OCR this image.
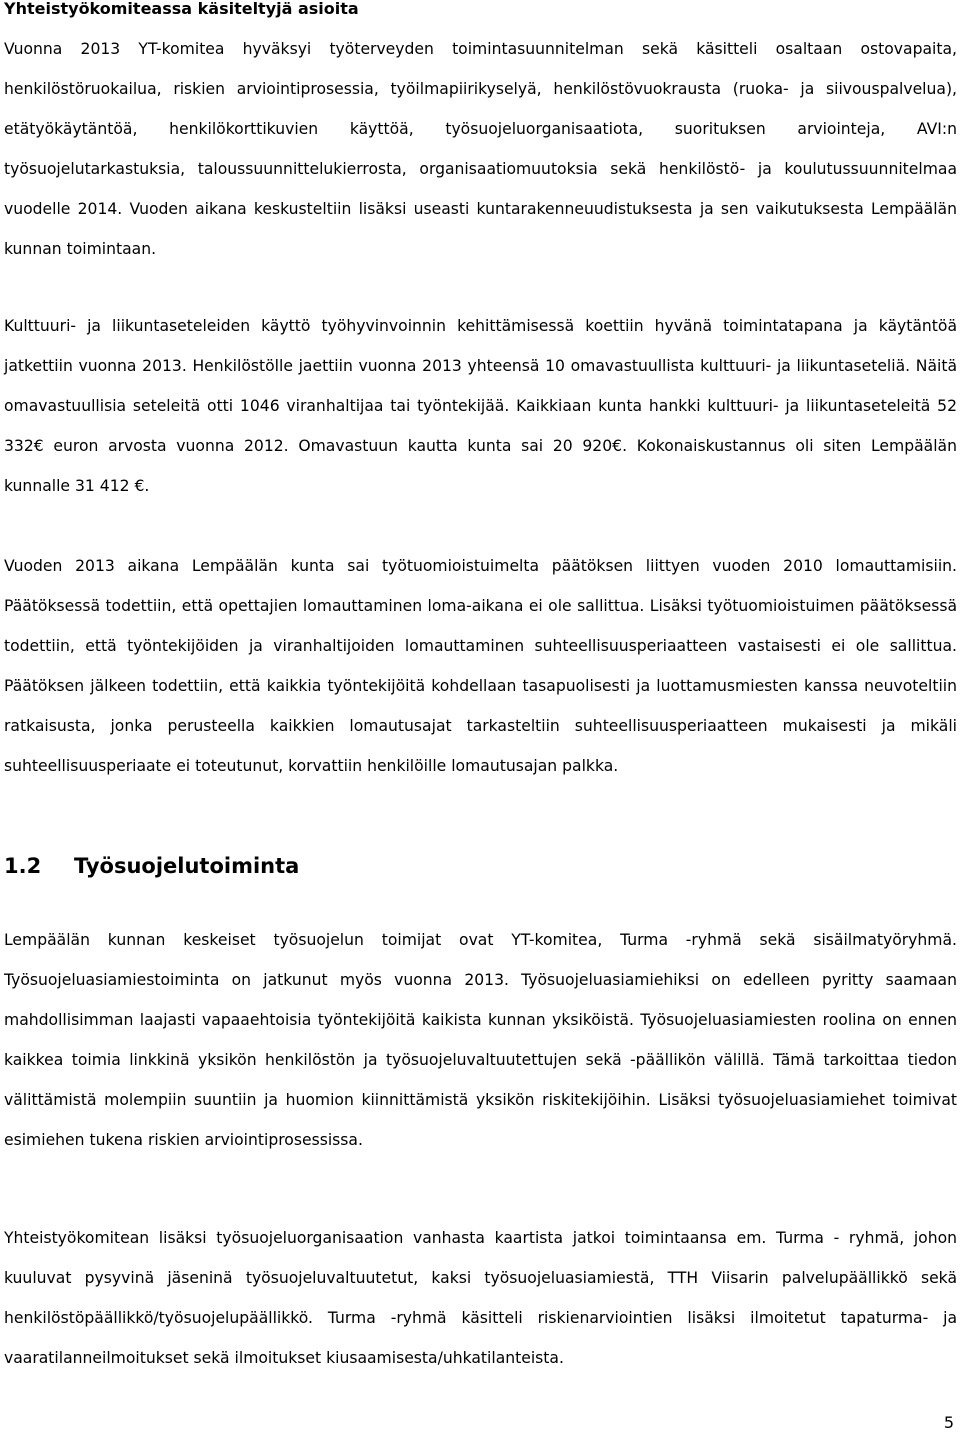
Yhteistyökomiteassa käsiteltyjä asioita

Vuonna 2013 YT-komitea hyväksyi työterveyden toimintasuunnitelman sekä käsitteli osaltaan ostovapaita, henkilöstöruokailua, riskien arviointiprosessia, työilmapiirikyselyä, henkilöstövuokrausta (ruoka- ja siivouspalvelua), etätyökäytäntöä, henkilökorttikuvien käyttöä, työsuojeluorganisaatiota, suorituksen arviointeja, AVI:n työsuojelutarkastuksia, taloussuunnittelukierrosta, organisaatiomuutoksia sekä henkilöstö- ja koulutussuunnitelmaa vuodelle 2014. Vuoden aikana keskusteltiin lisäksi useasti kuntarakenneuudistuksesta ja sen vaikutuksesta Lempäälän kunnan toimintaan.

Kulttuuri- ja liikuntaseteleiden käyttö työhyvinvoinnin kehittämisessä koettiin hyvänä toimintatapana ja käytäntöä jatkettiin vuonna 2013. Henkilöstölle jaettiin vuonna 2013 yhteensä 10 omavastuullista kulttuuri- ja liikuntaseteliä. Näitä omavastuullisia seteleitä otti 1046 viranhaltijaa tai työntekijää. Kaikkiaan kunta hankki kulttuuri- ja liikuntaseteleitä 52 332€ euron arvosta vuonna 2012. Omavastuun kautta kunta sai 20 920€. Kokonaiskustannus oli siten Lempäälän kunnalle 31 412 €.

Vuoden 2013 aikana Lempäälän kunta sai työtuomioistuimelta päätöksen liittyen vuoden 2010 lomauttamisiin. Päätöksessä todettiin, että opettajien lomauttaminen loma-aikana ei ole sallittua. Lisäksi työtuomioistuimen päätöksessä todettiin, että työntekijöiden ja viranhaltijoiden lomauttaminen suhteellisuusperiaatteen vastaisesti ei ole sallittua. Päätöksen jälkeen todettiin, että kaikkia työntekijöitä kohdellaan tasapuolisesti ja luottamusmiesten kanssa neuvoteltiin ratkaisusta, jonka perusteella kaikkien lomautusajat tarkasteltiin suhteellisuusperiaatteen mukaisesti ja mikäli suhteellisuusperiaate ei toteutunut, korvattiin henkilöille lomautusajan palkka.

1.2 Työsuojelutoiminta

Lempäälän kunnan keskeiset työsuojelun toimijat ovat YT-komitea, Turma -ryhmä sekä sisäilmatyöryhmä. Työsuojeluasiamiestoiminta on jatkunut myös vuonna 2013. Työsuojeluasiamiehiksi on edelleen pyritty saamaan mahdollisimman laajasti vapaaehtoisia työntekijöitä kaikista kunnan yksiköistä. Työsuojeluasiamiesten roolina on ennen kaikkea toimia linkkinä yksikön henkilöstön ja työsuojeluvaltuutettujen sekä -päällikön välillä. Tämä tarkoittaa tiedon välittämistä molempiin suuntiin ja huomion kiinnittämistä yksikön riskitekijöihin. Lisäksi työsuojeluasiamiehet toimivat esimiehen tukena riskien arviointiprosessissa.

Yhteistyökomitean lisäksi työsuojeluorganisaation vanhasta kaartista jatkoi toimintaansa em. Turma - ryhmä, johon kuuluvat pysyvinä jäseninä työsuojeluvaltuutetut, kaksi työsuojeluasiamiestä, TTH Viisarin palvelupäällikkö sekä henkilöstöpäällikkö/työsuojelupäällikkö. Turma -ryhmä käsitteli riskienarviointien lisäksi ilmoitetut tapaturma- ja vaaratilanneilmoitukset sekä ilmoitukset kiusaamisesta/uhkatilanteista.

5
